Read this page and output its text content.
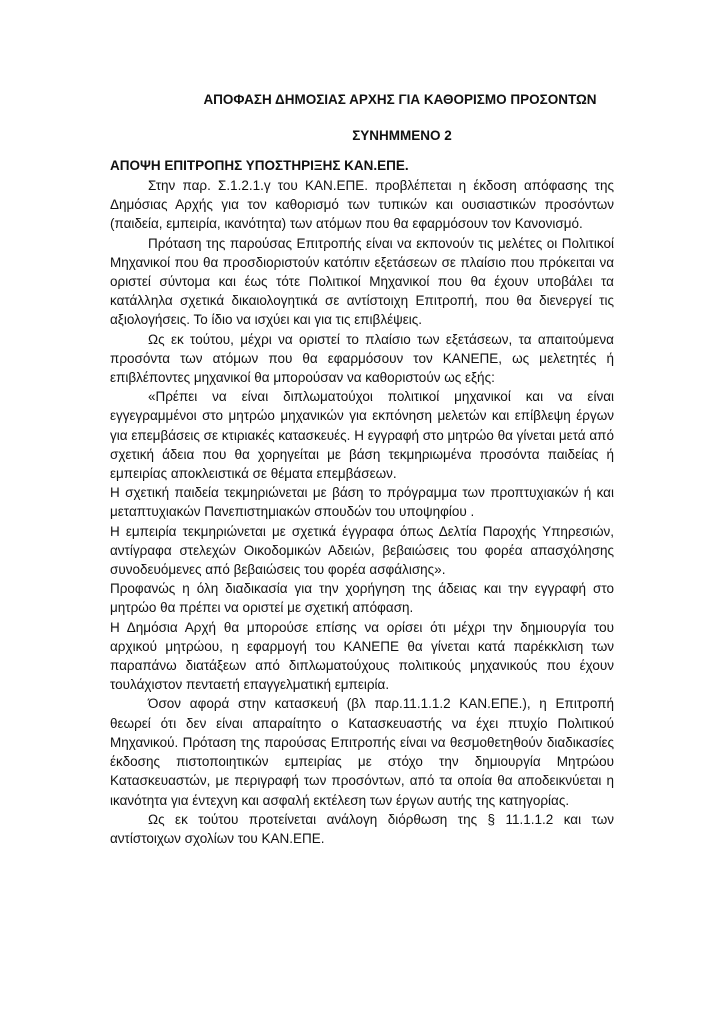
ΑΠΟΦΑΣΗ ΔΗΜΟΣΙΑΣ ΑΡΧΗΣ ΓΙΑ ΚΑΘΟΡΙΣΜΟ ΠΡΟΣΟΝΤΩΝ
ΣΥΝΗΜΜΕΝΟ 2
ΑΠΟΨΗ ΕΠΙΤΡΟΠΗΣ ΥΠΟΣΤΗΡΙΞΗΣ ΚΑΝ.ΕΠΕ.

Στην παρ. Σ.1.2.1.γ του ΚΑΝ.ΕΠΕ. προβλέπεται η έκδοση απόφασης της Δημόσιας Αρχής για τον καθορισμό των τυπικών και ουσιαστικών προσόντων (παιδεία, εμπειρία, ικανότητα) των ατόμων που θα εφαρμόσουν τον Κανονισμό.

Πρόταση της παρούσας Επιτροπής είναι να εκπονούν τις μελέτες οι Πολιτικοί Μηχανικοί που θα προσδιοριστούν κατόπιν εξετάσεων σε πλαίσιο που πρόκειται να οριστεί σύντομα και έως τότε Πολιτικοί Μηχανικοί που θα έχουν υποβάλει τα κατάλληλα σχετικά δικαιολογητικά σε αντίστοιχη Επιτροπή, που θα διενεργεί τις αξιολογήσεις. Το ίδιο να ισχύει και για τις επιβλέψεις.

Ως εκ τούτου, μέχρι να οριστεί το πλαίσιο των εξετάσεων, τα απαιτούμενα προσόντα των ατόμων που θα εφαρμόσουν τον ΚΑΝΕΠΕ, ως μελετητές ή επιβλέποντες μηχανικοί θα μπορούσαν να καθοριστούν ως εξής:

«Πρέπει να είναι διπλωματούχοι πολιτικοί μηχανικοί και να είναι εγγεγραμμένοι στο μητρώο μηχανικών για εκπόνηση μελετών και επίβλεψη έργων για επεμβάσεις σε κτιριακές κατασκευές. Η εγγραφή στο μητρώο θα γίνεται μετά από σχετική άδεια που θα χορηγείται με βάση τεκμηριωμένα προσόντα παιδείας ή εμπειρίας αποκλειστικά σε θέματα επεμβάσεων.

Η σχετική παιδεία τεκμηριώνεται με βάση το πρόγραμμα των προπτυχιακών ή και μεταπτυχιακών Πανεπιστημιακών σπουδών του υποψηφίου .

Η εμπειρία τεκμηριώνεται με σχετικά έγγραφα όπως Δελτία Παροχής Υπηρεσιών, αντίγραφα στελεχών Οικοδομικών Αδειών, βεβαιώσεις του φορέα απασχόλησης συνοδευόμενες από βεβαιώσεις του φορέα ασφάλισης».

Προφανώς η όλη διαδικασία για την χορήγηση της άδειας και την εγγραφή στο μητρώο θα πρέπει να οριστεί με σχετική απόφαση.

Η Δημόσια Αρχή θα μπορούσε επίσης να ορίσει ότι μέχρι την δημιουργία του αρχικού μητρώου, η εφαρμογή του ΚΑΝΕΠΕ θα γίνεται κατά παρέκκλιση των παραπάνω διατάξεων από διπλωματούχους πολιτικούς μηχανικούς που έχουν τουλάχιστον πενταετή επαγγελματική εμπειρία.

Όσον αφορά στην κατασκευή (βλ παρ.11.1.1.2 ΚΑΝ.ΕΠΕ.), η Επιτροπή θεωρεί ότι δεν είναι απαραίτητο ο Κατασκευαστής να έχει πτυχίο Πολιτικού Μηχανικού. Πρόταση της παρούσας Επιτροπής είναι να θεσμοθετηθούν διαδικασίες έκδοσης πιστοποιητικών εμπειρίας με στόχο την δημιουργία Μητρώου Κατασκευαστών, με περιγραφή των προσόντων, από τα οποία θα αποδεικνύεται η ικανότητα για έντεχνη και ασφαλή εκτέλεση των έργων αυτής της κατηγορίας.

Ως εκ τούτου προτείνεται ανάλογη διόρθωση της § 11.1.1.2 και των αντίστοιχων σχολίων του ΚΑΝ.ΕΠΕ.
